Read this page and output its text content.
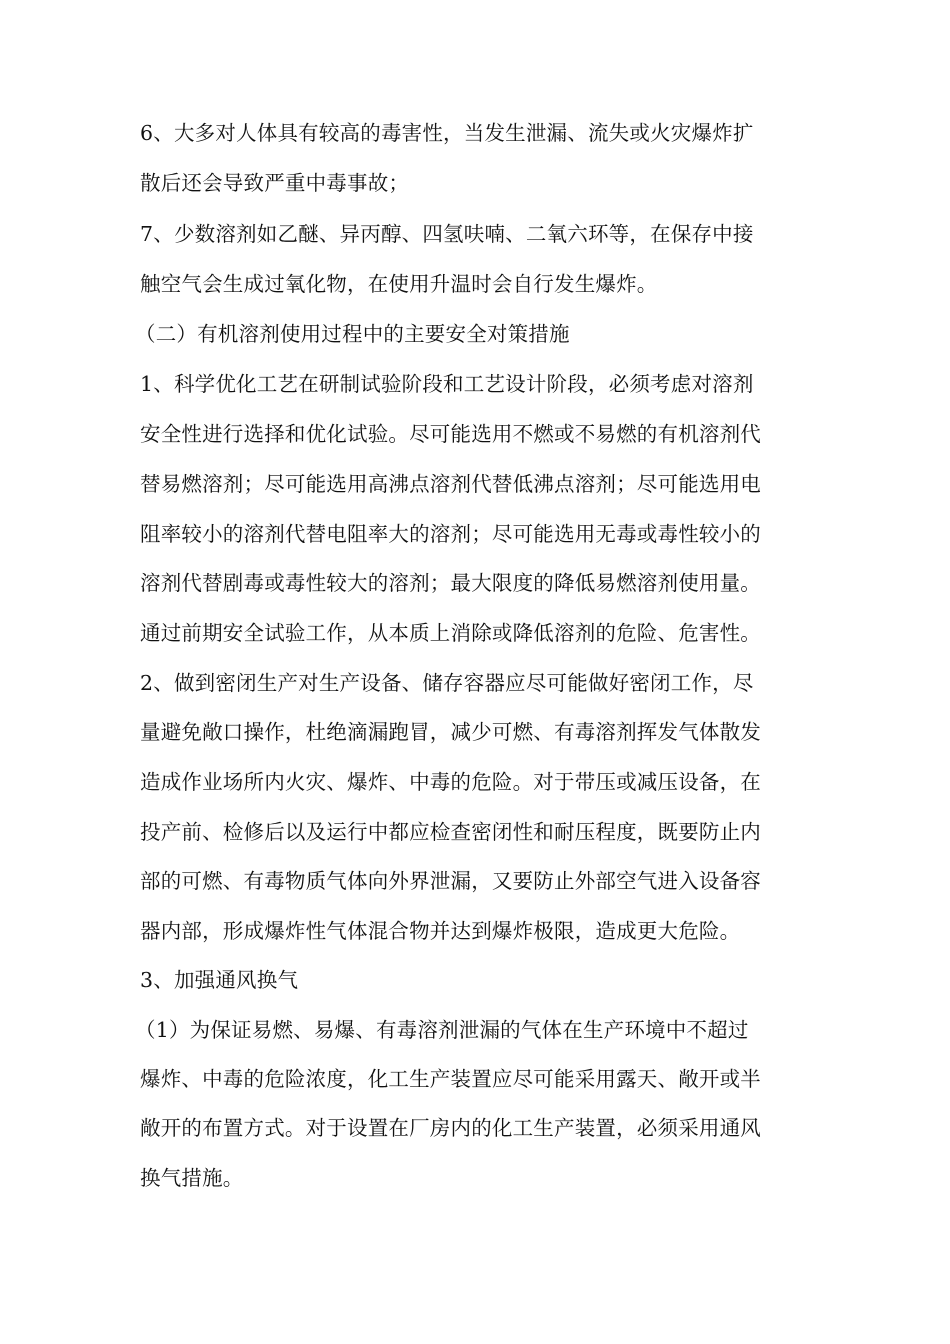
6、大多对人体具有较高的毒害性，当发生泄漏、流失或火灾爆炸扩
散后还会导致严重中毒事故；
7、少数溶剂如乙醚、异丙醇、四氢呋喃、二氧六环等，在保存中接
触空气会生成过氧化物，在使用升温时会自行发生爆炸。
（二）有机溶剂使用过程中的主要安全对策措施
1、科学优化工艺在研制试验阶段和工艺设计阶段，必须考虑对溶剂
安全性进行选择和优化试验。尽可能选用不燃或不易燃的有机溶剂代
替易燃溶剂；尽可能选用高沸点溶剂代替低沸点溶剂；尽可能选用电
阻率较小的溶剂代替电阻率大的溶剂；尽可能选用无毒或毒性较小的
溶剂代替剧毒或毒性较大的溶剂；最大限度的降低易燃溶剂使用量。
通过前期安全试验工作，从本质上消除或降低溶剂的危险、危害性。
2、做到密闭生产对生产设备、储存容器应尽可能做好密闭工作，尽
量避免敞口操作，杜绝滴漏跑冒，减少可燃、有毒溶剂挥发气体散发
造成作业场所内火灾、爆炸、中毒的危险。对于带压或减压设备，在
投产前、检修后以及运行中都应检查密闭性和耐压程度，既要防止内
部的可燃、有毒物质气体向外界泄漏，又要防止外部空气进入设备容
器内部，形成爆炸性气体混合物并达到爆炸极限，造成更大危险。
3、加强通风换气
（1）为保证易燃、易爆、有毒溶剂泄漏的气体在生产环境中不超过
爆炸、中毒的危险浓度，化工生产装置应尽可能采用露天、敞开或半
敞开的布置方式。对于设置在厂房内的化工生产装置，必须采用通风
换气措施。
